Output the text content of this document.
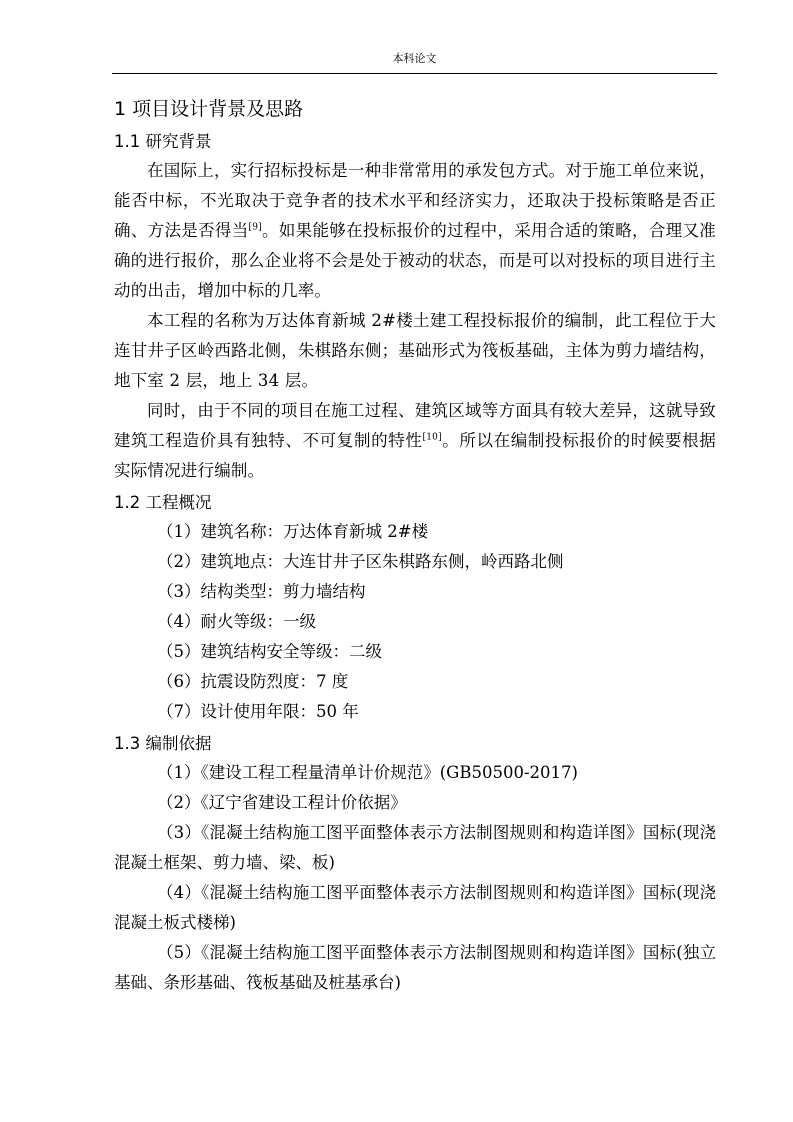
本科论文
1 项目设计背景及思路
1.1 研究背景

在国际上，实行招标投标是一种非常常用的承发包方式。对于施工单位来说，能否中标，不光取决于竞争者的技术水平和经济实力，还取决于投标策略是否正确、方法是否得当[9]。如果能够在投标报价的过程中，采用合适的策略，合理又准确的进行报价，那么企业将不会是处于被动的状态，而是可以对投标的项目进行主动的出击，增加中标的几率。

本工程的名称为万达体育新城 2#楼土建工程投标报价的编制，此工程位于大连甘井子区岭西路北侧，朱棋路东侧；基础形式为筏板基础，主体为剪力墙结构，地下室 2 层，地上 34 层。

同时，由于不同的项目在施工过程、建筑区域等方面具有较大差异，这就导致建筑工程造价具有独特、不可复制的特性[10]。所以在编制投标报价的时候要根据实际情况进行编制。

1.2 工程概况

（1）建筑名称：万达体育新城 2#楼

（2）建筑地点：大连甘井子区朱棋路东侧，岭西路北侧

（3）结构类型：剪力墙结构

（4）耐火等级：一级

（5）建筑结构安全等级：二级

（6）抗震设防烈度：7 度

（7）设计使用年限：50 年

1.3 编制依据

（1）《建设工程工程量清单计价规范》(GB50500-2017)

（2）《辽宁省建设工程计价依据》

（3）《混凝土结构施工图平面整体表示方法制图规则和构造详图》国标(现浇混凝土框架、剪力墙、梁、板)

（4）《混凝土结构施工图平面整体表示方法制图规则和构造详图》国标(现浇混凝土板式楼梯)

（5）《混凝土结构施工图平面整体表示方法制图规则和构造详图》国标(独立基础、条形基础、筏板基础及桩基承台)
